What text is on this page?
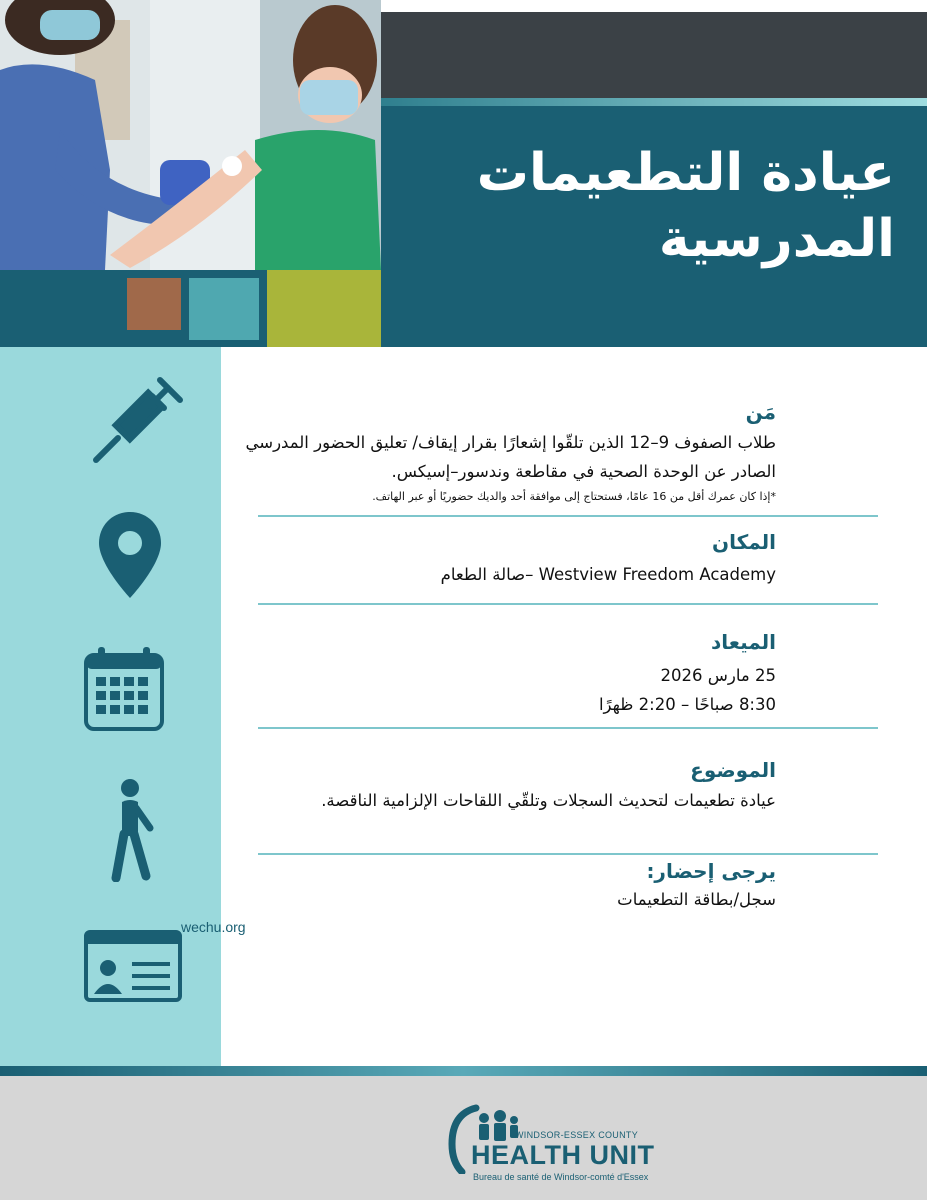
عيادة التطعيمات
المدرسية
wechu.org

مَن

طلاب الصفوف 9–12 الذين تلقّوا إشعارًا بقرار إيقاف/ تعليق الحضور المدرسي

الصادر عن الوحدة الصحية في مقاطعة وندسور–إسيكس.

*إذا كان عمرك أقل من 16 عامًا، فستحتاج إلى موافقة أحد والديك حضوريًا أو عبر الهاتف.

المكان

Westview Freedom Academy –صالة الطعام

الميعاد

25 مارس 2026

8:30 صباحًا – 2:20 ظهرًا

الموضوع

عيادة تطعيمات لتحديث السجلات وتلقّي اللقاحات الإلزامية الناقصة.

يرجى إحضار:

سجل/بطاقة التطعيمات

WINDSOR-ESSEX COUNTY
HEALTH UNIT
Bureau de santé de Windsor-comté d'Essex
